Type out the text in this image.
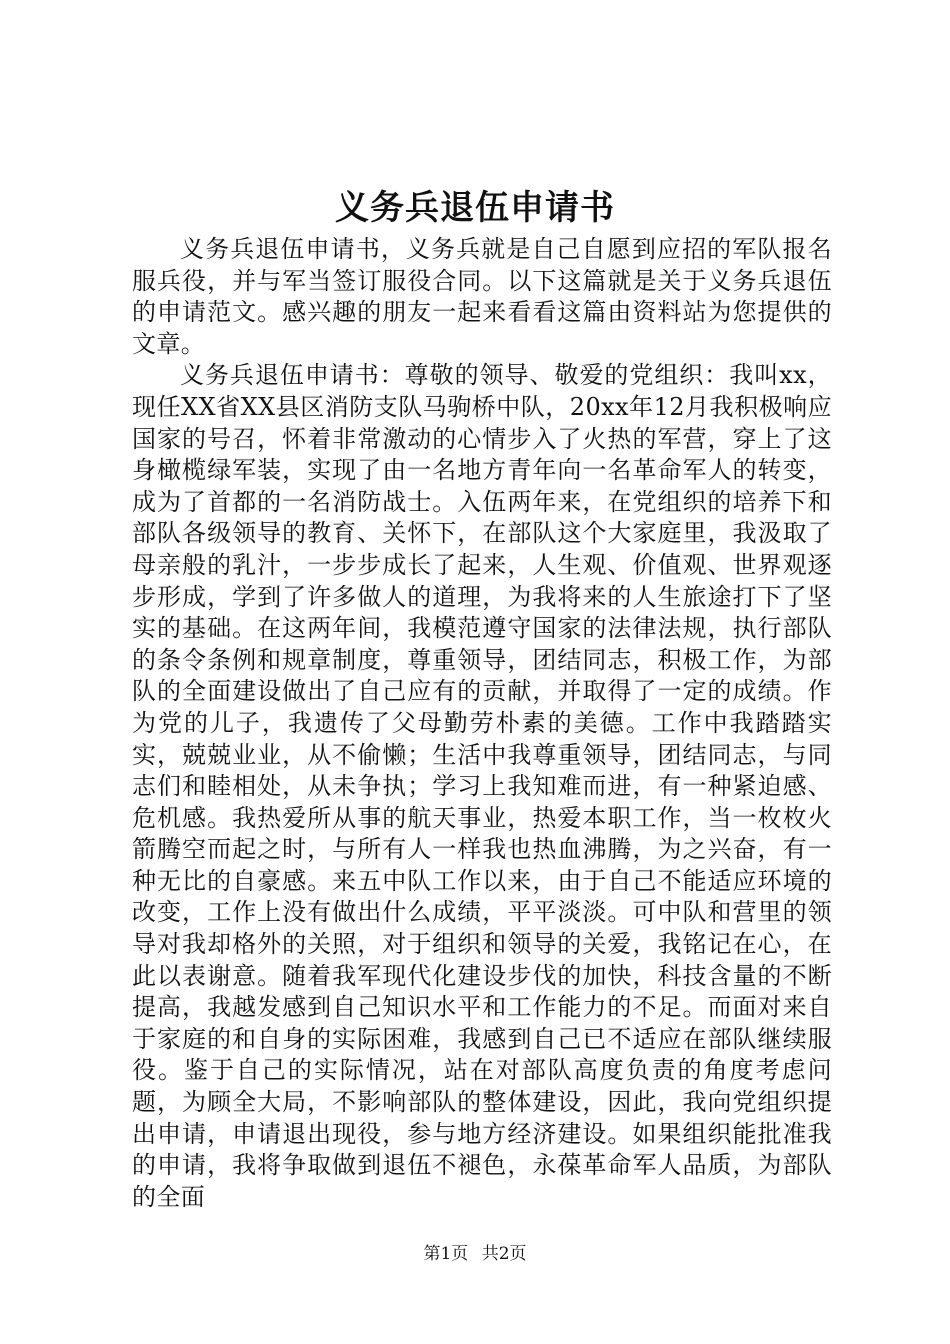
义务兵退伍申请书

义务兵退伍申请书，义务兵就是自己自愿到应招的军队报名服兵役，并与军当签订服役合同。以下这篇就是关于义务兵退伍的申请范文。感兴趣的朋友一起来看看这篇由资料站为您提供的文章。

义务兵退伍申请书：尊敬的领导、敬爱的党组织：我叫xx，现任XX省XX县区消防支队马驹桥中队，20xx年12月我积极响应国家的号召，怀着非常激动的心情步入了火热的军营，穿上了这身橄榄绿军装，实现了由一名地方青年向一名革命军人的转变，成为了首都的一名消防战士。入伍两年来，在党组织的培养下和部队各级领导的教育、关怀下，在部队这个大家庭里，我汲取了母亲般的乳汁，一步步成长了起来，人生观、价值观、世界观逐步形成，学到了许多做人的道理，为我将来的人生旅途打下了坚实的基础。在这两年间，我模范遵守国家的法律法规，执行部队的条令条例和规章制度，尊重领导，团结同志，积极工作，为部队的全面建设做出了自己应有的贡献，并取得了一定的成绩。作为党的儿子，我遗传了父母勤劳朴素的美德。工作中我踏踏实实，兢兢业业，从不偷懒；生活中我尊重领导，团结同志，与同志们和睦相处，从未争执；学习上我知难而进，有一种紧迫感、危机感。我热爱所从事的航天事业，热爱本职工作，当一枚枚火箭腾空而起之时，与所有人一样我也热血沸腾，为之兴奋，有一种无比的自豪感。来五中队工作以来，由于自己不能适应环境的改变，工作上没有做出什么成绩，平平淡淡。可中队和营里的领导对我却格外的关照，对于组织和领导的关爱，我铭记在心，在此以表谢意。随着我军现代化建设步伐的加快，科技含量的不断提高，我越发感到自己知识水平和工作能力的不足。而面对来自于家庭的和自身的实际困难，我感到自己已不适应在部队继续服役。鉴于自己的实际情况，站在对部队高度负责的角度考虑问题，为顾全大局，不影响部队的整体建设，因此，我向党组织提出申请，申请退出现役，参与地方经济建设。如果组织能批准我的申请，我将争取做到退伍不褪色，永葆革命军人品质，为部队的全面

第1页 共2页
